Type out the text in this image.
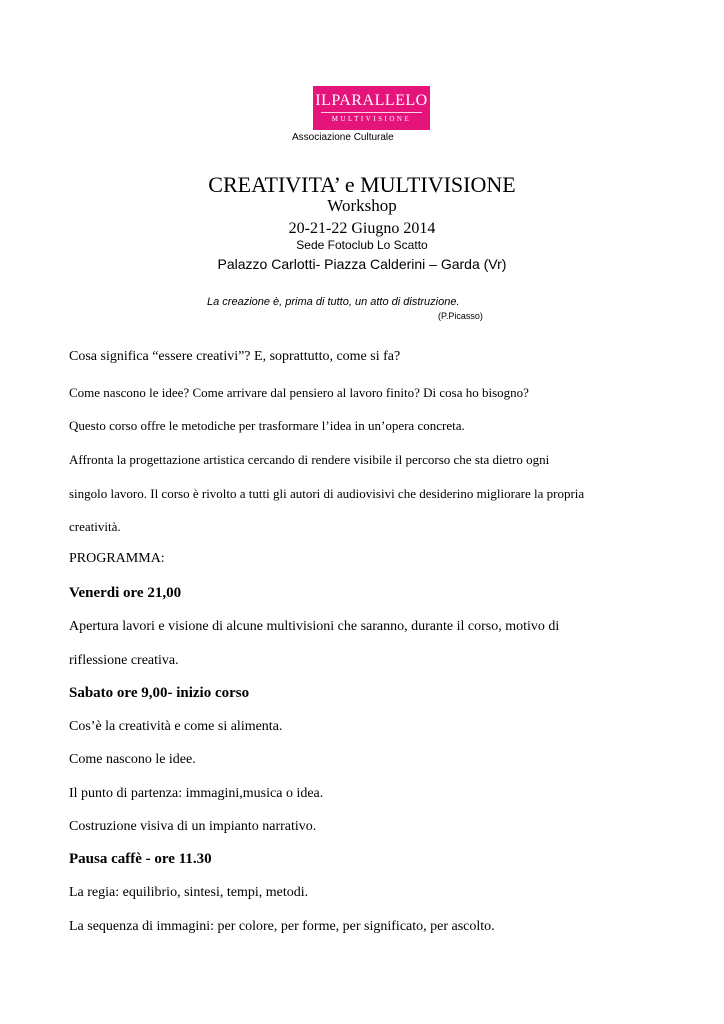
ILPARALLELO
MULTIVISIONE
Associazione Culturale
CREATIVITA’ e MULTIVISIONE
Workshop
20-21-22 Giugno 2014
Sede Fotoclub Lo Scatto
Palazzo Carlotti- Piazza Calderini – Garda (Vr)
La creazione è, prima di tutto, un atto di distruzione.
(P.Picasso)
Cosa significa “essere creativi”? E, soprattutto, come si fa?
Come nascono le idee? Come arrivare dal pensiero al lavoro finito? Di cosa ho bisogno?
Questo corso offre le metodiche per trasformare l’idea in un’opera concreta.
Affronta la progettazione artistica cercando di rendere visibile il percorso che sta dietro ogni
singolo lavoro. Il corso è rivolto a tutti gli autori di audiovisivi che desiderino migliorare la propria
creatività.
PROGRAMMA:
Venerdi ore 21,00
Apertura lavori e visione di alcune multivisioni che saranno, durante il corso, motivo di
riflessione creativa.
Sabato ore 9,00- inizio corso
Cos’è la creatività e come si alimenta.
Come nascono le idee.
Il punto di partenza: immagini,musica o idea.
Costruzione visiva di un impianto narrativo.
Pausa caffè - ore 11.30
La regia: equilibrio, sintesi, tempi, metodi.
La sequenza di immagini: per colore, per forme, per significato, per ascolto.
